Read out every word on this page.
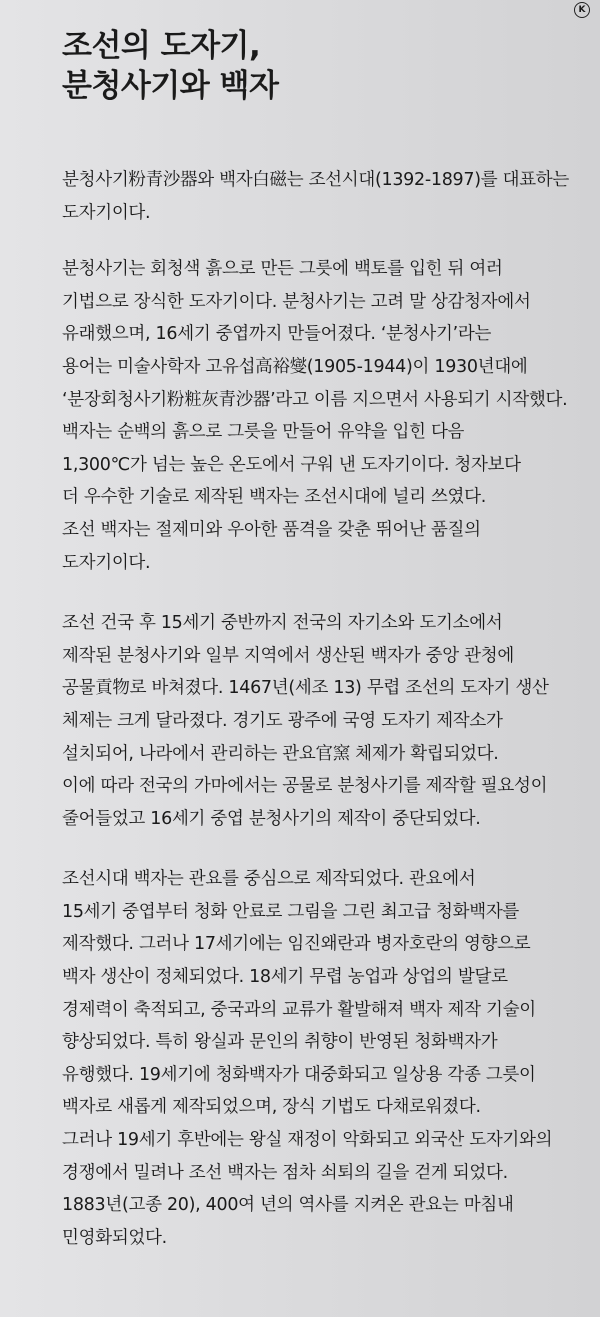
K
조선의 도자기,
분청사기와 백자

분청사기粉青沙器와 백자白磁는 조선시대(1392-1897)를 대표하는
도자기이다.

분청사기는 회청색 흙으로 만든 그릇에 백토를 입힌 뒤 여러
기법으로 장식한 도자기이다. 분청사기는 고려 말 상감청자에서
유래했으며, 16세기 중엽까지 만들어졌다. ‘분청사기’라는
용어는 미술사학자 고유섭高裕燮(1905-1944)이 1930년대에
‘분장회청사기粉粧灰青沙器’라고 이름 지으면서 사용되기 시작했다.
백자는 순백의 흙으로 그릇을 만들어 유약을 입힌 다음
1,300℃가 넘는 높은 온도에서 구워 낸 도자기이다. 청자보다
더 우수한 기술로 제작된 백자는 조선시대에 널리 쓰였다.
조선 백자는 절제미와 우아한 품격을 갖춘 뛰어난 품질의
도자기이다.

조선 건국 후 15세기 중반까지 전국의 자기소와 도기소에서
제작된 분청사기와 일부 지역에서 생산된 백자가 중앙 관청에
공물貢物로 바쳐졌다. 1467년(세조 13) 무렵 조선의 도자기 생산
체제는 크게 달라졌다. 경기도 광주에 국영 도자기 제작소가
설치되어, 나라에서 관리하는 관요官窯 체제가 확립되었다.
이에 따라 전국의 가마에서는 공물로 분청사기를 제작할 필요성이
줄어들었고 16세기 중엽 분청사기의 제작이 중단되었다.

조선시대 백자는 관요를 중심으로 제작되었다. 관요에서
15세기 중엽부터 청화 안료로 그림을 그린 최고급 청화백자를
제작했다. 그러나 17세기에는 임진왜란과 병자호란의 영향으로
백자 생산이 정체되었다. 18세기 무렵 농업과 상업의 발달로
경제력이 축적되고, 중국과의 교류가 활발해져 백자 제작 기술이
향상되었다. 특히 왕실과 문인의 취향이 반영된 청화백자가
유행했다. 19세기에 청화백자가 대중화되고 일상용 각종 그릇이
백자로 새롭게 제작되었으며, 장식 기법도 다채로워졌다.
그러나 19세기 후반에는 왕실 재정이 악화되고 외국산 도자기와의
경쟁에서 밀려나 조선 백자는 점차 쇠퇴의 길을 걷게 되었다.
1883년(고종 20), 400여 년의 역사를 지켜온 관요는 마침내
민영화되었다.
